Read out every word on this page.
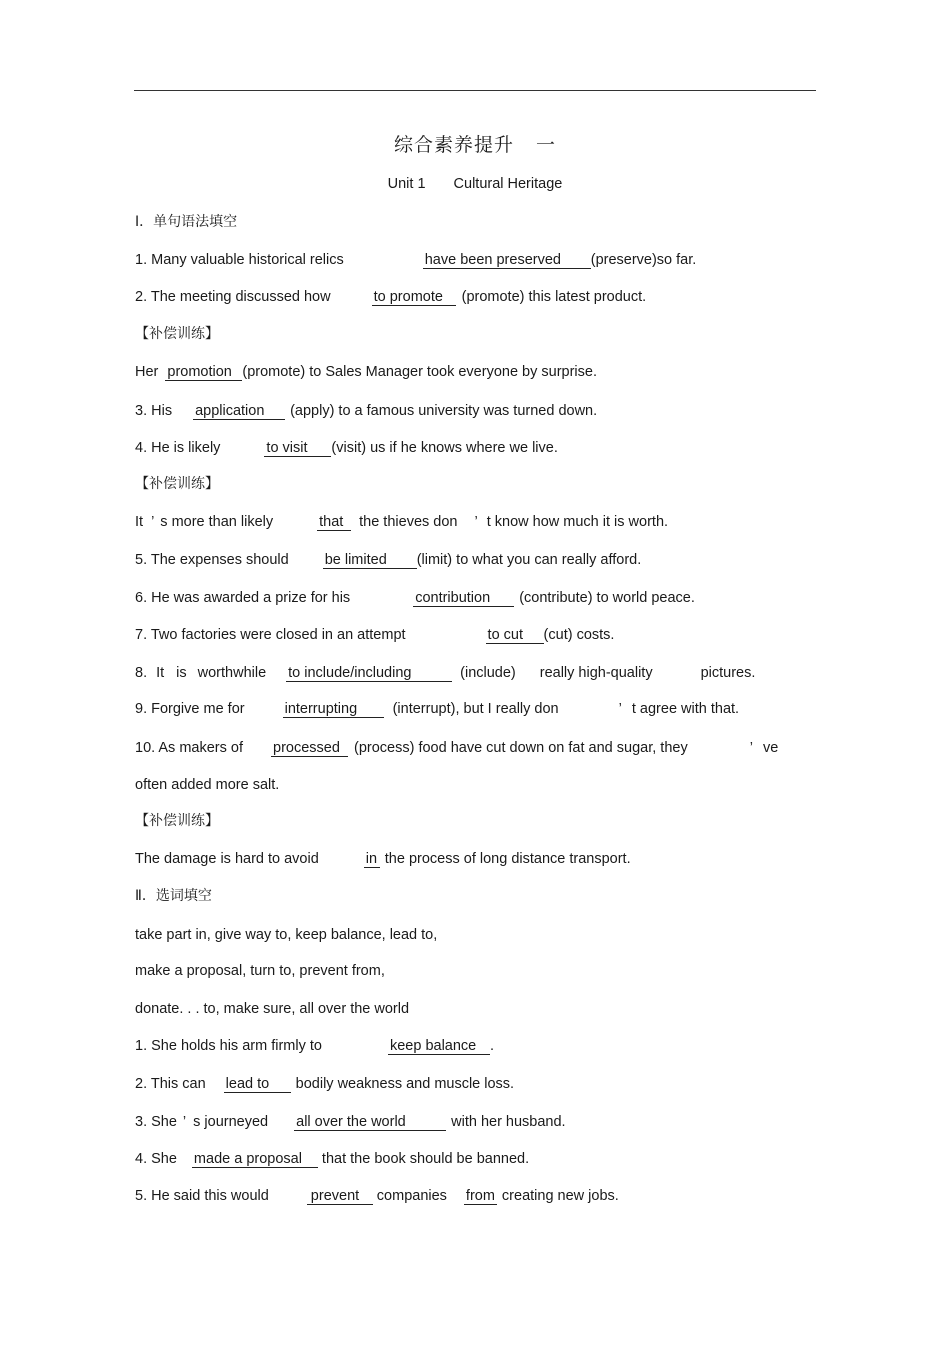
综合素养提升 一
Unit 1 Cultural Heritage
Ⅰ．单句语法填空
1. Many valuable historical relics	have been preserved (preserve)so far.
2. The meeting discussed how	to promote (promote) this latest product.
【补偿训练】
Her promotion (promote) to Sales Manager took everyone by surprise.
3. His application (apply) to a famous university was turned down.
4. He is likely	to visit (visit) us if he knows where we live.
【补偿训练】
It ’ s more than likely	that the thieves don ’ t know how much it is worth.
5. The expenses should be limited (limit) to what you can really afford.
6. He was awarded a prize for his	contribution (contribute) to world peace.
7. Two factories were closed in an attempt	to cut (cut) costs.
8. It is worthwhile to include/including	(include) really high-quality	pictures.
9. Forgive me for	interrupting (interrupt), but I really don	’ t agree with that.
10. As makers of processed (process) food have cut down on fat and sugar, they	’ ve
often added more salt.
【补偿训练】
The damage is hard to avoid	in the process of long distance transport.
Ⅱ．选词填空
take part in, give way to, keep balance, lead to,
make a proposal, turn to, prevent from,
donate. . . to, make sure, all over the world
1. She holds his arm firmly to	keep balance .
2. This can lead to bodily weakness and muscle loss.
3. She ’ s journeyed all over the world	with her husband.
4. She made a proposal that the book should be banned.
5. He said this would	prevent companies from creating new jobs.
